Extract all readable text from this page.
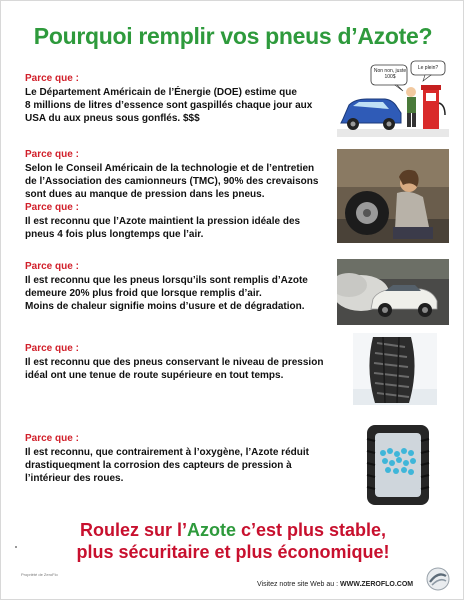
Pourquoi remplir vos pneus d’Azote?
Parce que :
Le Département Américain de l’Énergie (DOE) estime que
8 millions de litres d’essence sont gaspillés chaque jour aux
USA du aux pneus sous gonflés. $$$
Parce que :
Selon le Conseil Américain de la technologie et de l’entretien
de l’Association des camionneurs (TMC), 90% des crevaisons
sont dues au manque de pression dans les pneus.
Parce que :
Il est reconnu que l’Azote maintient la pression idéale des
pneus 4 fois plus longtemps que l’air.
Parce que :
Il est reconnu que les pneus lorsqu’ils sont remplis d’Azote
demeure 20% plus froid que lorsque remplis d’air.
Moins de chaleur signifie moins d’usure et de dégradation.
Parce que :
Il est reconnu que des pneus conservant le niveau de pression
idéal ont une tenue de route supérieure en tout temps.
Parce que :
Il est reconnu, que contrairement à l’oxygène, l’Azote réduit
drastiqueqment la corrosion des capteurs de pression à
l’intérieur des roues.
Non non, juste 100$
Le plein?
Roulez sur l’Azote c’est plus stable,
plus sécuritaire et plus économique!
Propriété de ZeroFlo
Visitez notre site Web au : WWW.ZEROFLO.COM
